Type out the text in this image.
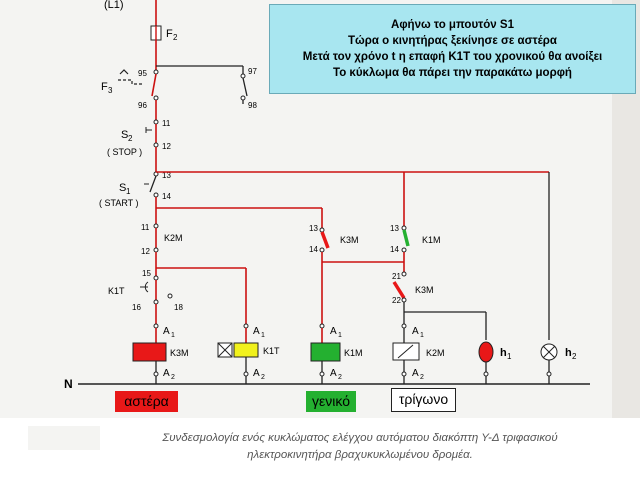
(L1)
F 2
F 3
95
96
97
98
S 2
( STOP )
11
12
S 1
( START )
13
14
K2M
11
12
K1T
15
16	18
K3M
13
14
K1M
13
14
K3M
21
22
A 1
K3M
A 2
A 1
K1T
A 2
A 1
K1M
A 2
A 1
K2M
A 2
h 1	h 2
N
Αφήνω το μπουτόν S1
Τώρα ο κινητήρας ξεκίνησε σε αστέρα
Μετά τον χρόνο t η επαφή K1T του χρονικού θα ανοίξει
Το κύκλωμα θα πάρει την παρακάτω μορφή
αστέρα	γενικό	τρίγωνο
Συνδεσμολογία ενός κυκλώματος ελέγχου αυτόματου διακόπτη Υ-Δ τριφασικού
ηλεκτροκινητήρα βραχυκυκλωμένου δρομέα.
